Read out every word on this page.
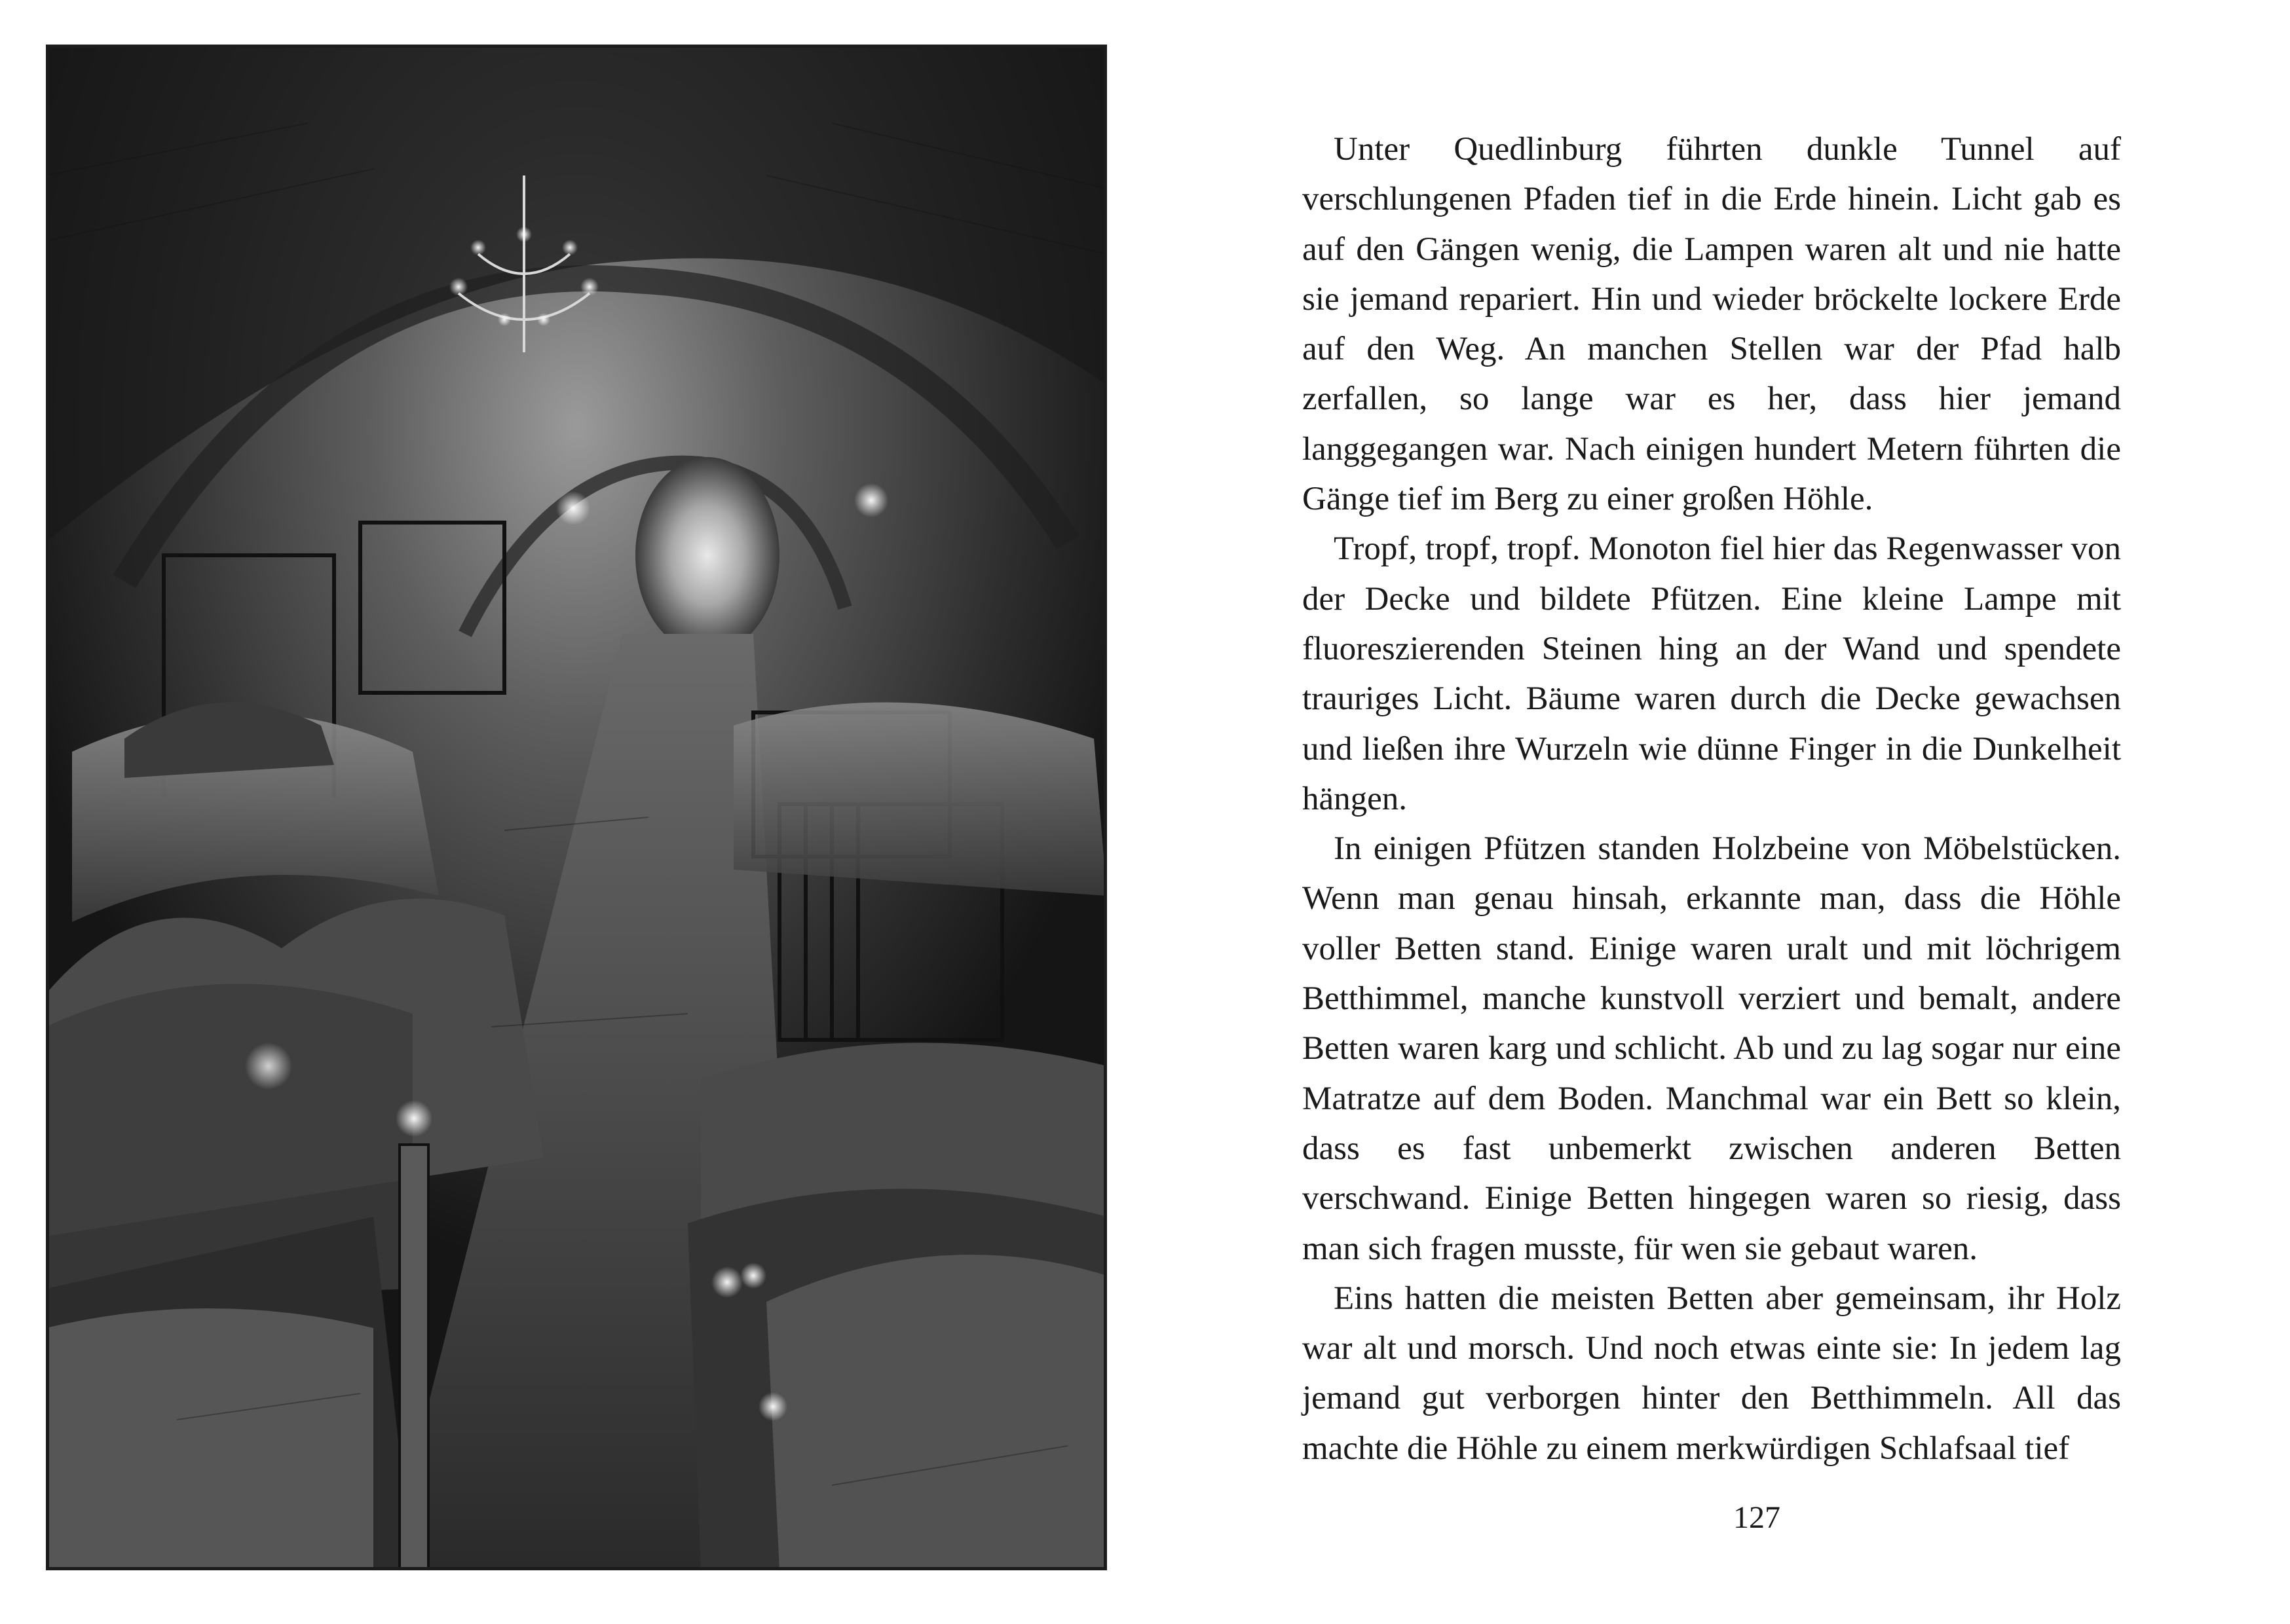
Unter Quedlinburg führten dunkle Tunnel auf verschlungenen Pfaden tief in die Erde hinein. Licht gab es auf den Gängen wenig, die Lampen waren alt und nie hatte sie jemand repariert. Hin und wieder bröckelte lockere Erde auf den Weg. An manchen Stellen war der Pfad halb zerfallen, so lange war es her, dass hier jemand langgegangen war. Nach einigen hundert Metern führten die Gänge tief im Berg zu einer großen Höhle.

Tropf, tropf, tropf. Monoton fiel hier das Regenwasser von der Decke und bildete Pfützen. Eine kleine Lampe mit fluoreszierenden Steinen hing an der Wand und spendete trauriges Licht. Bäume waren durch die Decke gewachsen und ließen ihre Wurzeln wie dünne Finger in die Dunkelheit hängen.

In einigen Pfützen standen Holzbeine von Möbelstücken. Wenn man genau hinsah, erkannte man, dass die Höhle voller Betten stand. Einige waren uralt und mit löchrigem Betthimmel, manche kunstvoll verziert und bemalt, andere Betten waren karg und schlicht. Ab und zu lag sogar nur eine Matratze auf dem Boden. Manchmal war ein Bett so klein, dass es fast unbemerkt zwischen anderen Betten verschwand. Einige Betten hingegen waren so riesig, dass man sich fragen musste, für wen sie gebaut waren.

Eins hatten die meisten Betten aber gemeinsam, ihr Holz war alt und morsch. Und noch etwas einte sie: In jedem lag jemand gut verborgen hinter den Betthimmeln. All das machte die Höhle zu einem merkwürdigen Schlafsaal tief

127
